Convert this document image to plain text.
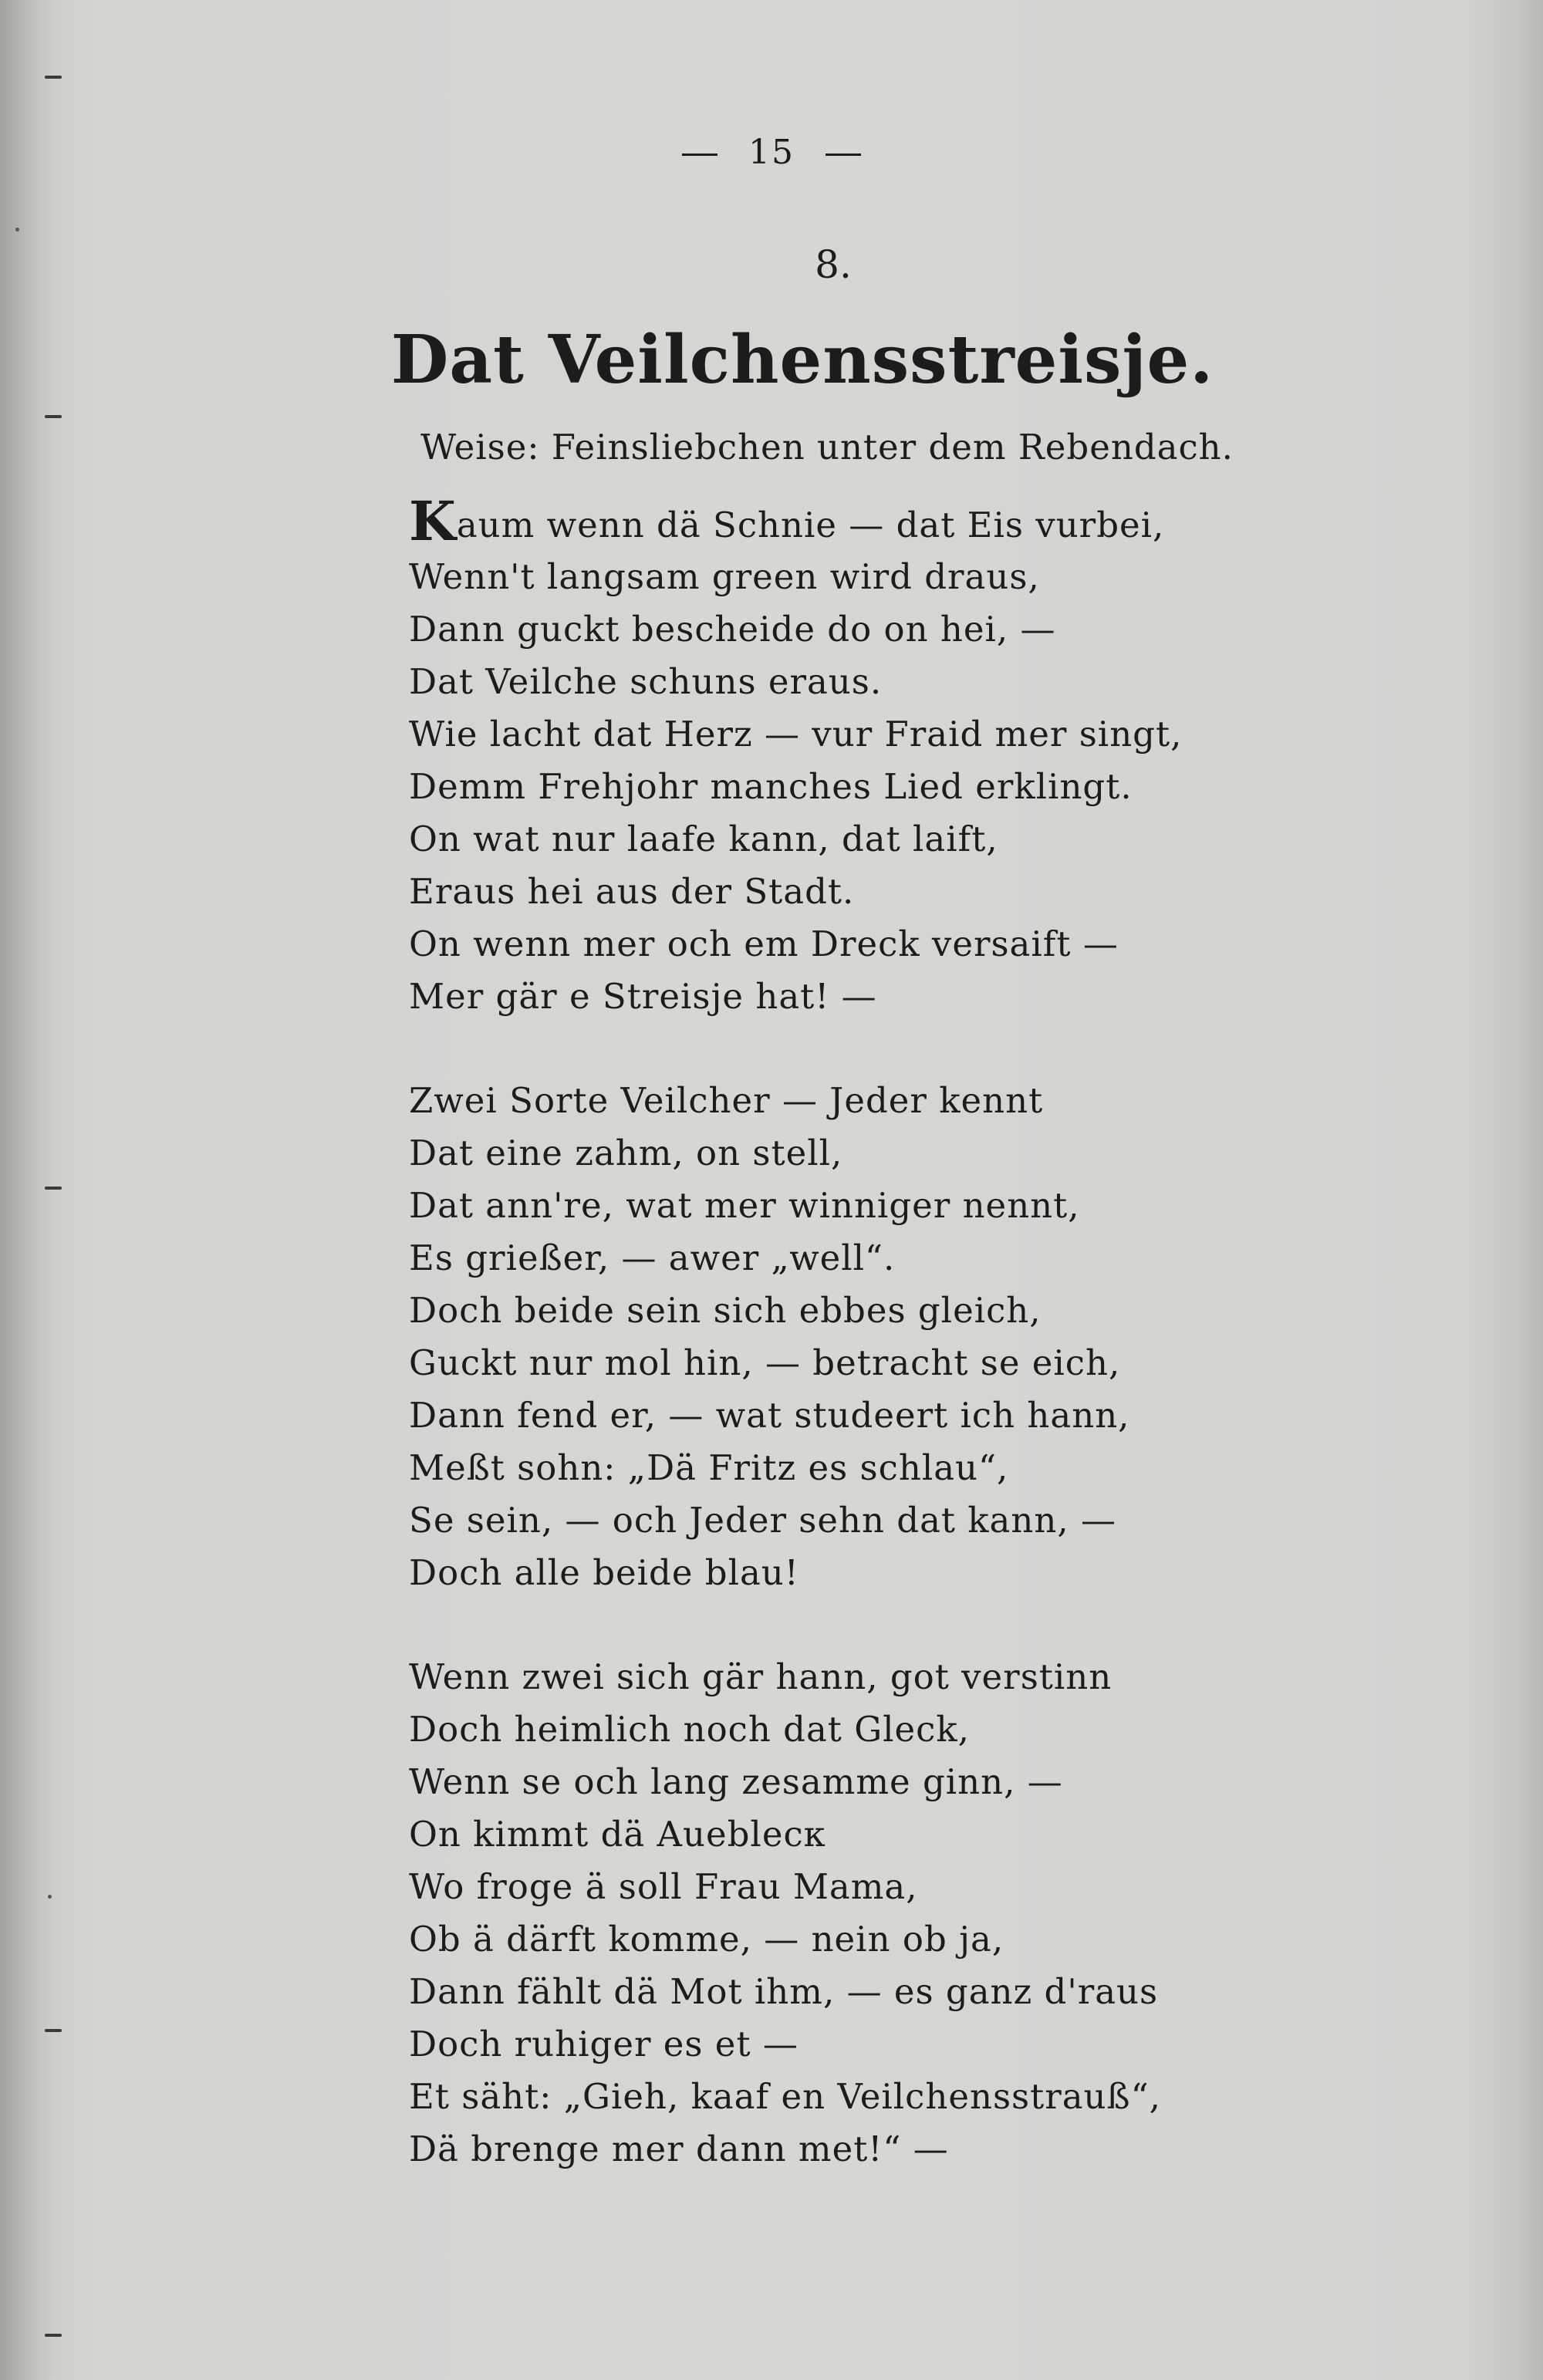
15
8.
Dat Veilchensstreisje.
Weise: Feinsliebchen unter dem Rebendach.
Kaum wenn dä Schnie — dat Eis vurbei,
Wenn't langsam green wird draus,
Dann guckt bescheide do on hei, —
Dat Veilche schuns eraus.
Wie lacht dat Herz — vur Fraid mer singt,
Demm Frehjohr manches Lied erklingt.
On wat nur laafe kann, dat laift,
Eraus hei aus der Stadt.
On wenn mer och em Dreck versaift —
Mer gär e Streisje hat! —
Zwei Sorte Veilcher — Jeder kennt
Dat eine zahm, on stell,
Dat ann're, wat mer winniger nennt,
Es grießer, — awer „well“.
Doch beide sein sich ebbes gleich,
Guckt nur mol hin, — betracht se eich,
Dann fend er, — wat studeert ich hann,
Meßt sohn: „Dä Fritz es schlau“,
Se sein, — och Jeder sehn dat kann, —
Doch alle beide blau!
Wenn zwei sich gär hann, got verstinn
Doch heimlich noch dat Gleck,
Wenn se och lang zesamme ginn, —
On kimmt dä Aueblecк
Wo froge ä soll Frau Mama,
Ob ä därft komme, — nein ob ja,
Dann fählt dä Mot ihm, — es ganz d'raus
Doch ruhiger es et —
Et säht: „Gieh, kaaf en Veilchensstrauß“,
Dä brenge mer dann met!“ —
